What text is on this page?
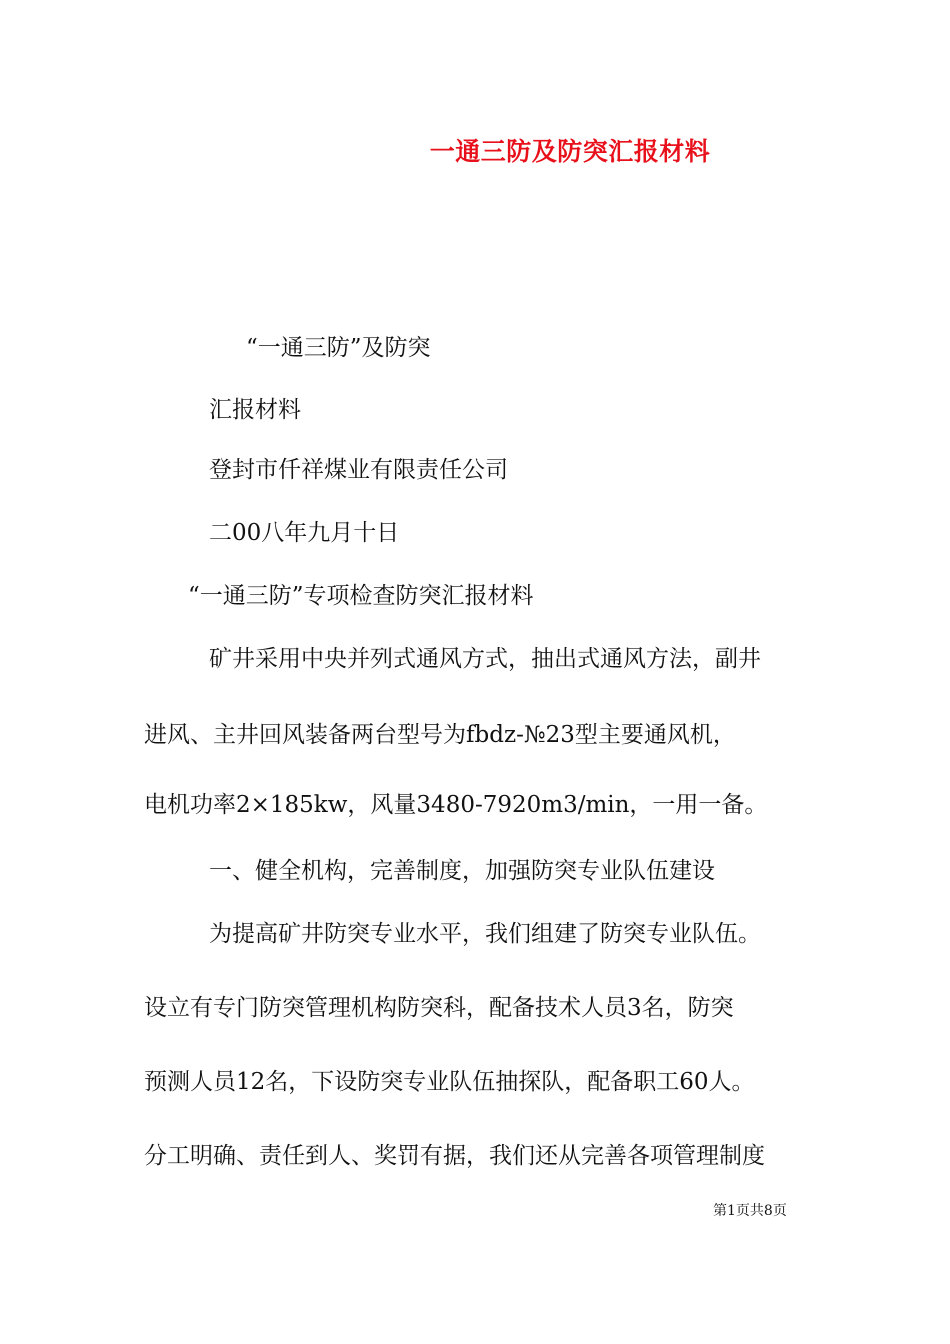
一通三防及防突汇报材料
“一通三防”及防突
汇报材料
登封市仟祥煤业有限责任公司
二00八年九月十日
“一通三防”专项检查防突汇报材料
矿井采用中央并列式通风方式，抽出式通风方法，副井
进风、主井回风装备两台型号为fbdz-№23型主要通风机，
电机功率2×185kw，风量3480-7920m3/min，一用一备。
一、健全机构，完善制度，加强防突专业队伍建设
为提高矿井防突专业水平，我们组建了防突专业队伍。
设立有专门防突管理机构防突科，配备技术人员3名，防突
预测人员12名，下设防突专业队伍抽探队，配备职工60人。
分工明确、责任到人、奖罚有据，我们还从完善各项管理制度
第1页共8页
